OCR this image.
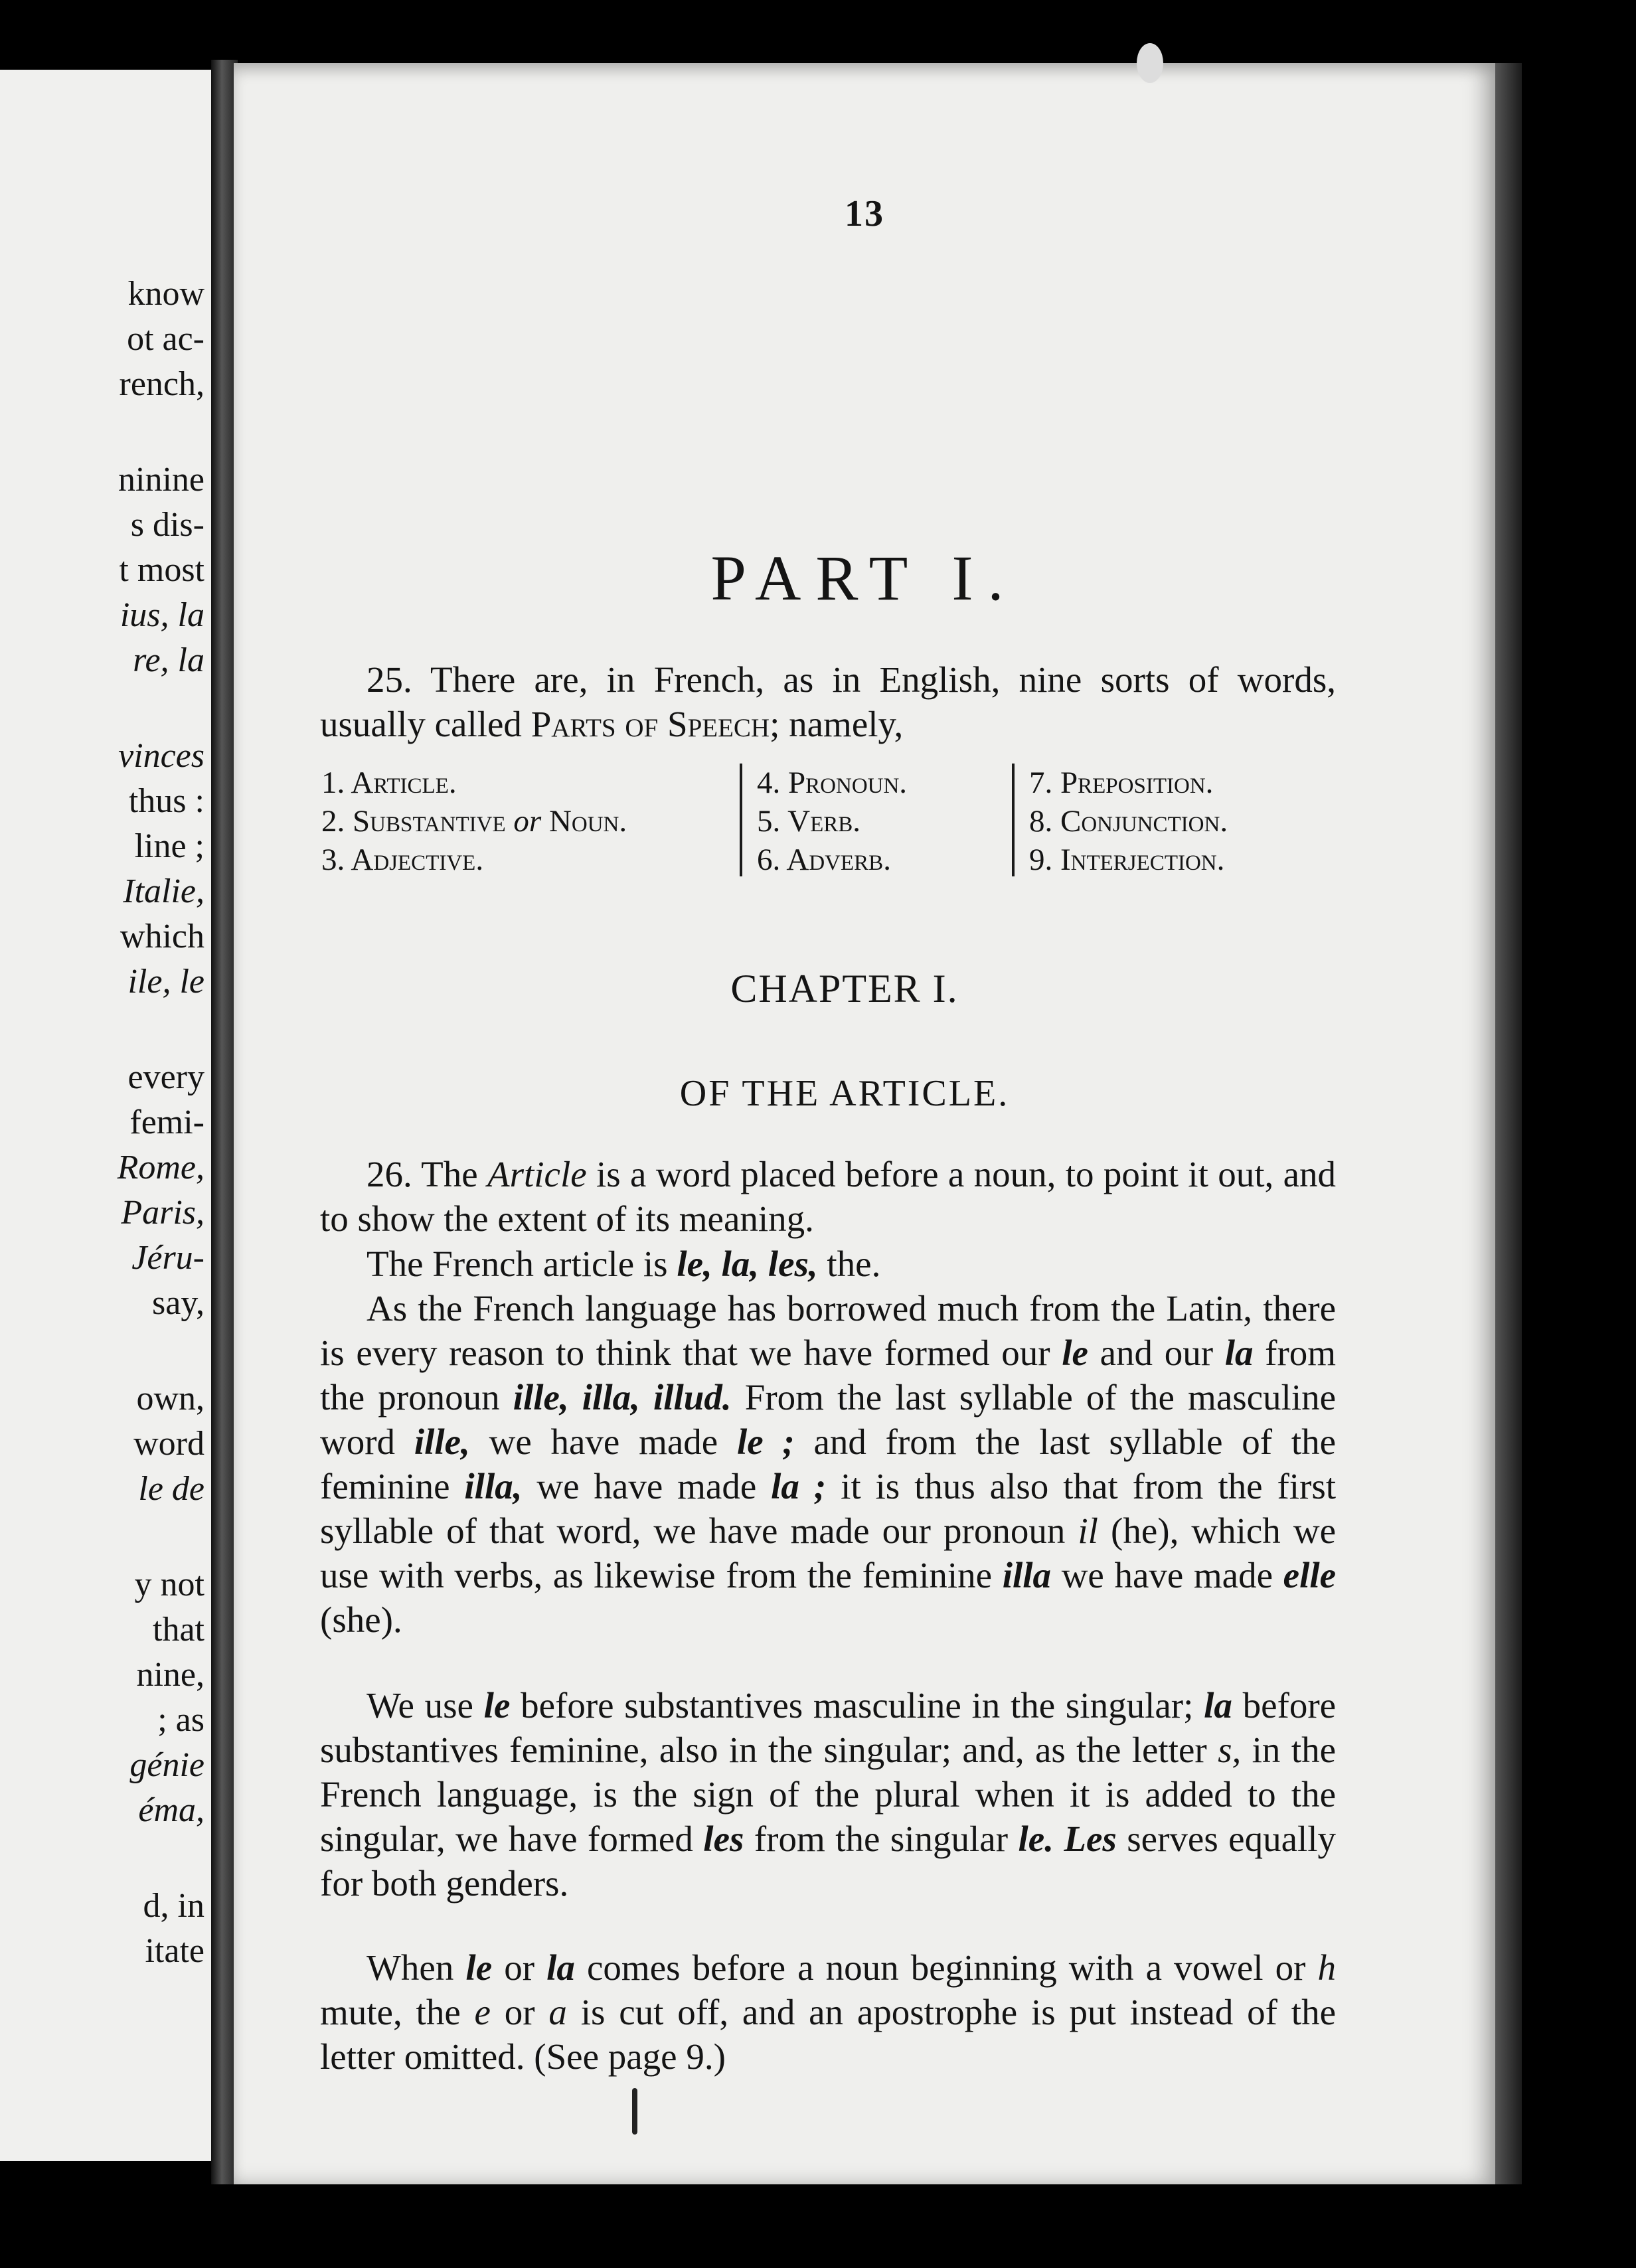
know
ot ac-
rench,
ninine
s dis-
t most
ius, la
re, la
vinces
thus :
line ;
Italie,
which
ile, le
every
femi-
Rome,
Paris,
Jéru-
say,
own,
word
le de
y not
that
nine,
; as
génie
éma,
d, in
itate
13
PART I.
25. There are, in French, as in English, nine sorts of words, usually called Parts of Speech; namely,
1. Article.
2. Substantive or Noun.
3. Adjective.
4. Pronoun.
5. Verb.
6. Adverb.
7. Preposition.
8. Conjunction.
9. Interjection.
CHAPTER I.
OF THE ARTICLE.
26. The Article is a word placed before a noun, to point it out, and to show the extent of its meaning.
The French article is le, la, les, the.
As the French language has borrowed much from the Latin, there is every reason to think that we have formed our le and our la from the pronoun ille, illa, illud. From the last syllable of the masculine word ille, we have made le ; and from the last syllable of the feminine illa, we have made la ; it is thus also that from the first syllable of that word, we have made our pronoun il (he), which we use with verbs, as likewise from the feminine illa we have made elle (she).
We use le before substantives masculine in the singular; la before substantives feminine, also in the singular; and, as the letter s, in the French language, is the sign of the plural when it is added to the singular, we have formed les from the singular le. Les serves equally for both genders.
When le or la comes before a noun beginning with a vowel or h mute, the e or a is cut off, and an apostrophe is put instead of the letter omitted. (See page 9.)
